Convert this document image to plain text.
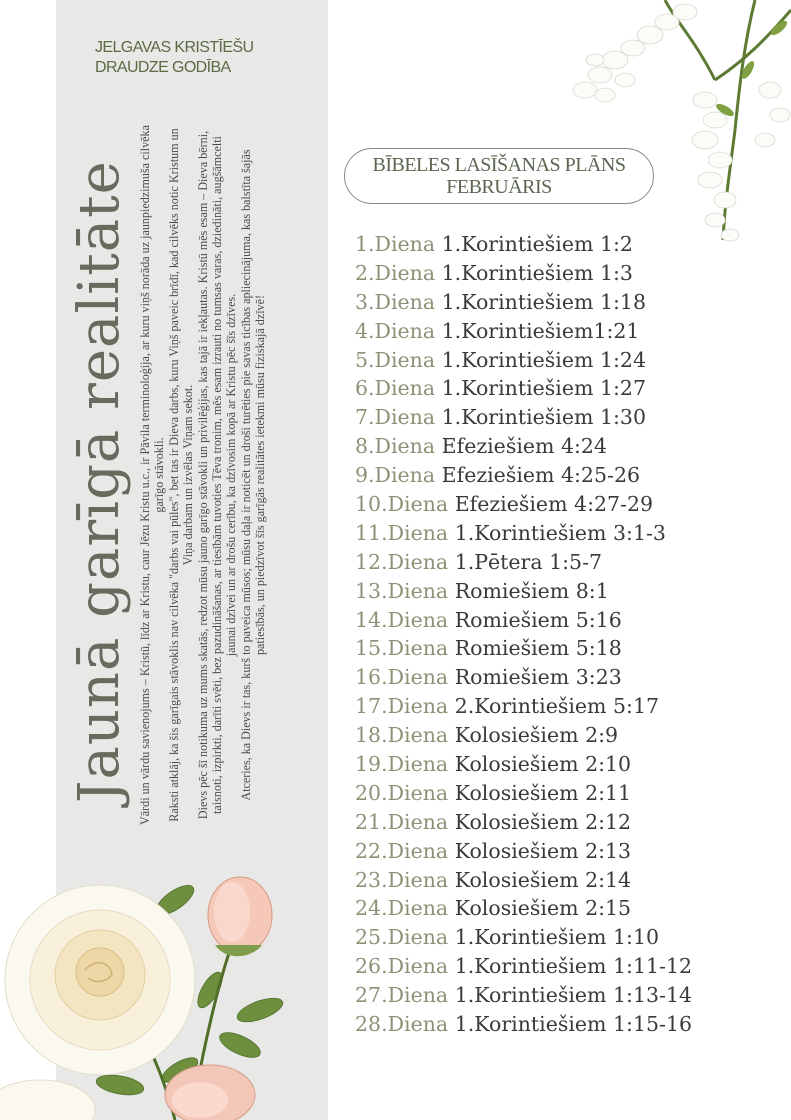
JELGAVAS KRISTĪEŠU
DRAUDZE GODĪBA
Jaunā garīgā realitāte Vārdi un vārdu savienojums – Kristū, līdz ar Kristu, caur Jēzu Kristu u.c., ir Pāvila terminoloģija, ar kuru viņš norāda uz jaunpiedzimuša cilvēka garīgo stāvokli. Raksti atklāj, ka šis garīgais stāvoklis nav cilvēka "darbs vai pūles", bet tas ir Dieva darbs, kuru Viņš paveic brīdī, kad cilvēks notic Kristum un Viņa darbam un izvēlas Viņam sekot. Dievs pēc šī notikuma uz mums skatās, redzot mūsu jauno garīgo stāvokli un privilēģijas, kas tajā ir iekļautas. Kristū mēs esam – Dieva bērni, taisnoti, izpirkti, darīti svēti, bez pazudināšanas, ar tiesībām tuvoties Tēva tronim, mēs esam izrauti no tumsas varas, dziedināti, augšāmcelti jaunai dzīvei un ar drošu cerību, ka dzīvosim kopā ar Kristu pēc šīs dzīves. Atceries, ka Dievs ir tas, kurš to paveica mūsos; mūsu daļa ir noticēt un droši turēties pie savas ticības apliecinājuma, kas balstīta šajās patiesībās, un piedzīvot šīs garīgās realitātes ietekmi mūsu fiziskajā dzīvē!

BĪBELES LASĪŠANAS PLĀNS
FEBRUĀRIS
1.Diena 1.Korintiešiem 1:2
2.Diena 1.Korintiešiem 1:3
3.Diena 1.Korintiešiem 1:18
4.Diena 1.Korintiešiem1:21
5.Diena 1.Korintiešiem 1:24
6.Diena 1.Korintiešiem 1:27
7.Diena 1.Korintiešiem 1:30
8.Diena Efeziešiem 4:24
9.Diena Efeziešiem 4:25-26
10.Diena Efeziešiem 4:27-29
11.Diena 1.Korintiešiem 3:1-3
12.Diena 1.Pētera 1:5-7
13.Diena Romiešiem 8:1
14.Diena Romiešiem 5:16
15.Diena Romiešiem 5:18
16.Diena Romiešiem 3:23
17.Diena 2.Korintiešiem 5:17
18.Diena Kolosiešiem 2:9
19.Diena Kolosiešiem 2:10
20.Diena Kolosiešiem 2:11
21.Diena Kolosiešiem 2:12
22.Diena Kolosiešiem 2:13
23.Diena Kolosiešiem 2:14
24.Diena Kolosiešiem 2:15
25.Diena 1.Korintiešiem 1:10
26.Diena 1.Korintiešiem 1:11-12
27.Diena 1.Korintiešiem 1:13-14
28.Diena 1.Korintiešiem 1:15-16
